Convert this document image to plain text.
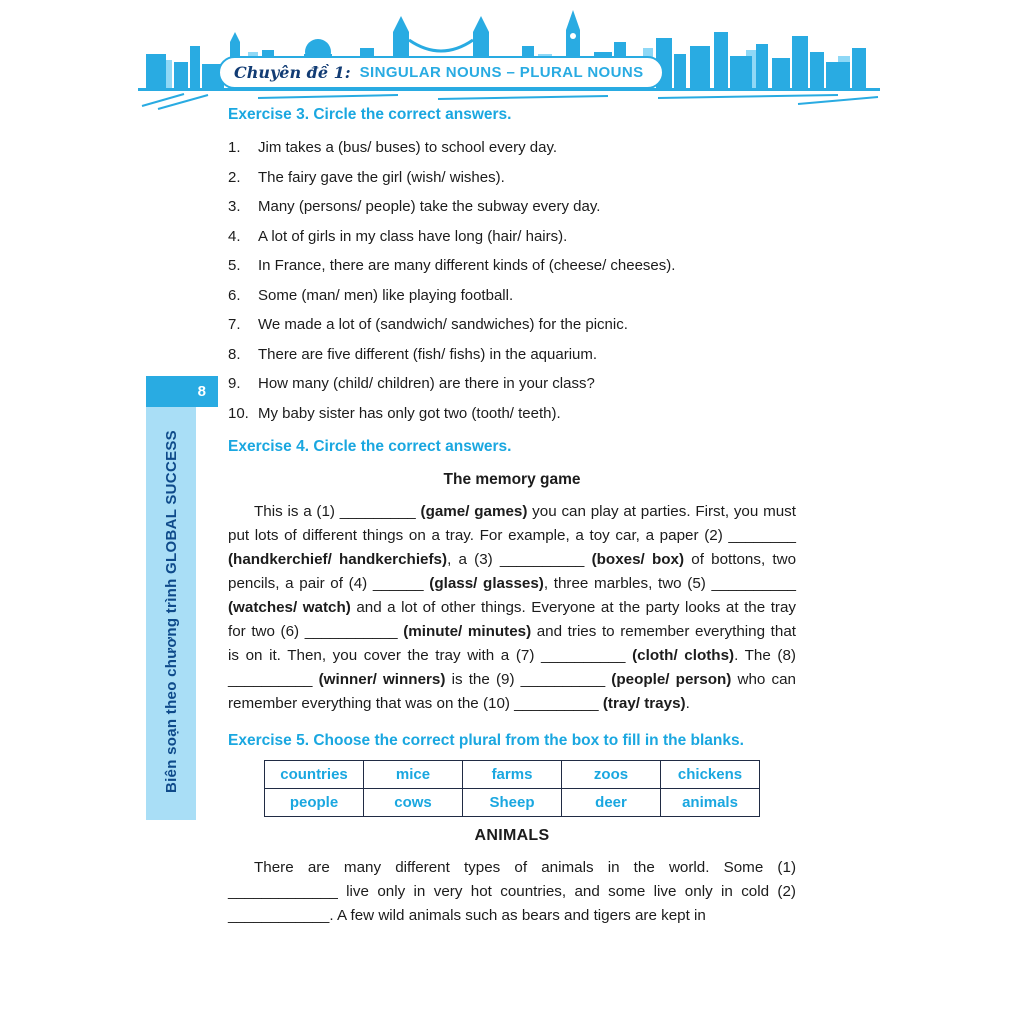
Chuyên đề 1: SINGULAR NOUNS – PLURAL NOUNS
8
Biên soạn theo chương trình GLOBAL SUCCESS
Exercise 3. Circle the correct answers.
1.	Jim takes a (bus/ buses) to school every day.
2.	The fairy gave the girl (wish/ wishes).
3.	Many (persons/ people) take the subway every day.
4.	A lot of girls in my class have long (hair/ hairs).
5.	In France, there are many different kinds of (cheese/ cheeses).
6.	Some (man/ men) like playing football.
7.	We made a lot of (sandwich/ sandwiches) for the picnic.
8.	There are five different (fish/ fishs) in the aquarium.
9.	How many (child/ children) are there in your class?
10. My baby sister has only got two (tooth/ teeth).
Exercise 4. Circle the correct answers.
The memory game
This is a (1) _________ (game/ games) you can play at parties. First, you must put lots of different things on a tray. For example, a toy car, a paper (2) ________ (handkerchief/ handkerchiefs), a (3) __________ (boxes/ box) of bottons, two pencils, a pair of (4) ______ (glass/ glasses), three marbles, two (5) __________ (watches/ watch) and a lot of other things. Everyone at the party looks at the tray for two (6) ___________ (minute/ minutes) and tries to remember everything that is on it. Then, you cover the tray with a (7) __________ (cloth/ cloths). The (8) __________ (winner/ winners) is the (9) __________ (people/ person) who can remember everything that was on the (10) __________ (tray/ trays).
Exercise 5. Choose the correct plural from the box to fill in the blanks.
countries	mice	farms	zoos	chickens
people	cows	Sheep	deer	animals
ANIMALS
There are many different types of animals in the world. Some (1) _____________ live only in very hot countries, and some live only in cold (2) ____________. A few wild animals such as bears and tigers are kept in
